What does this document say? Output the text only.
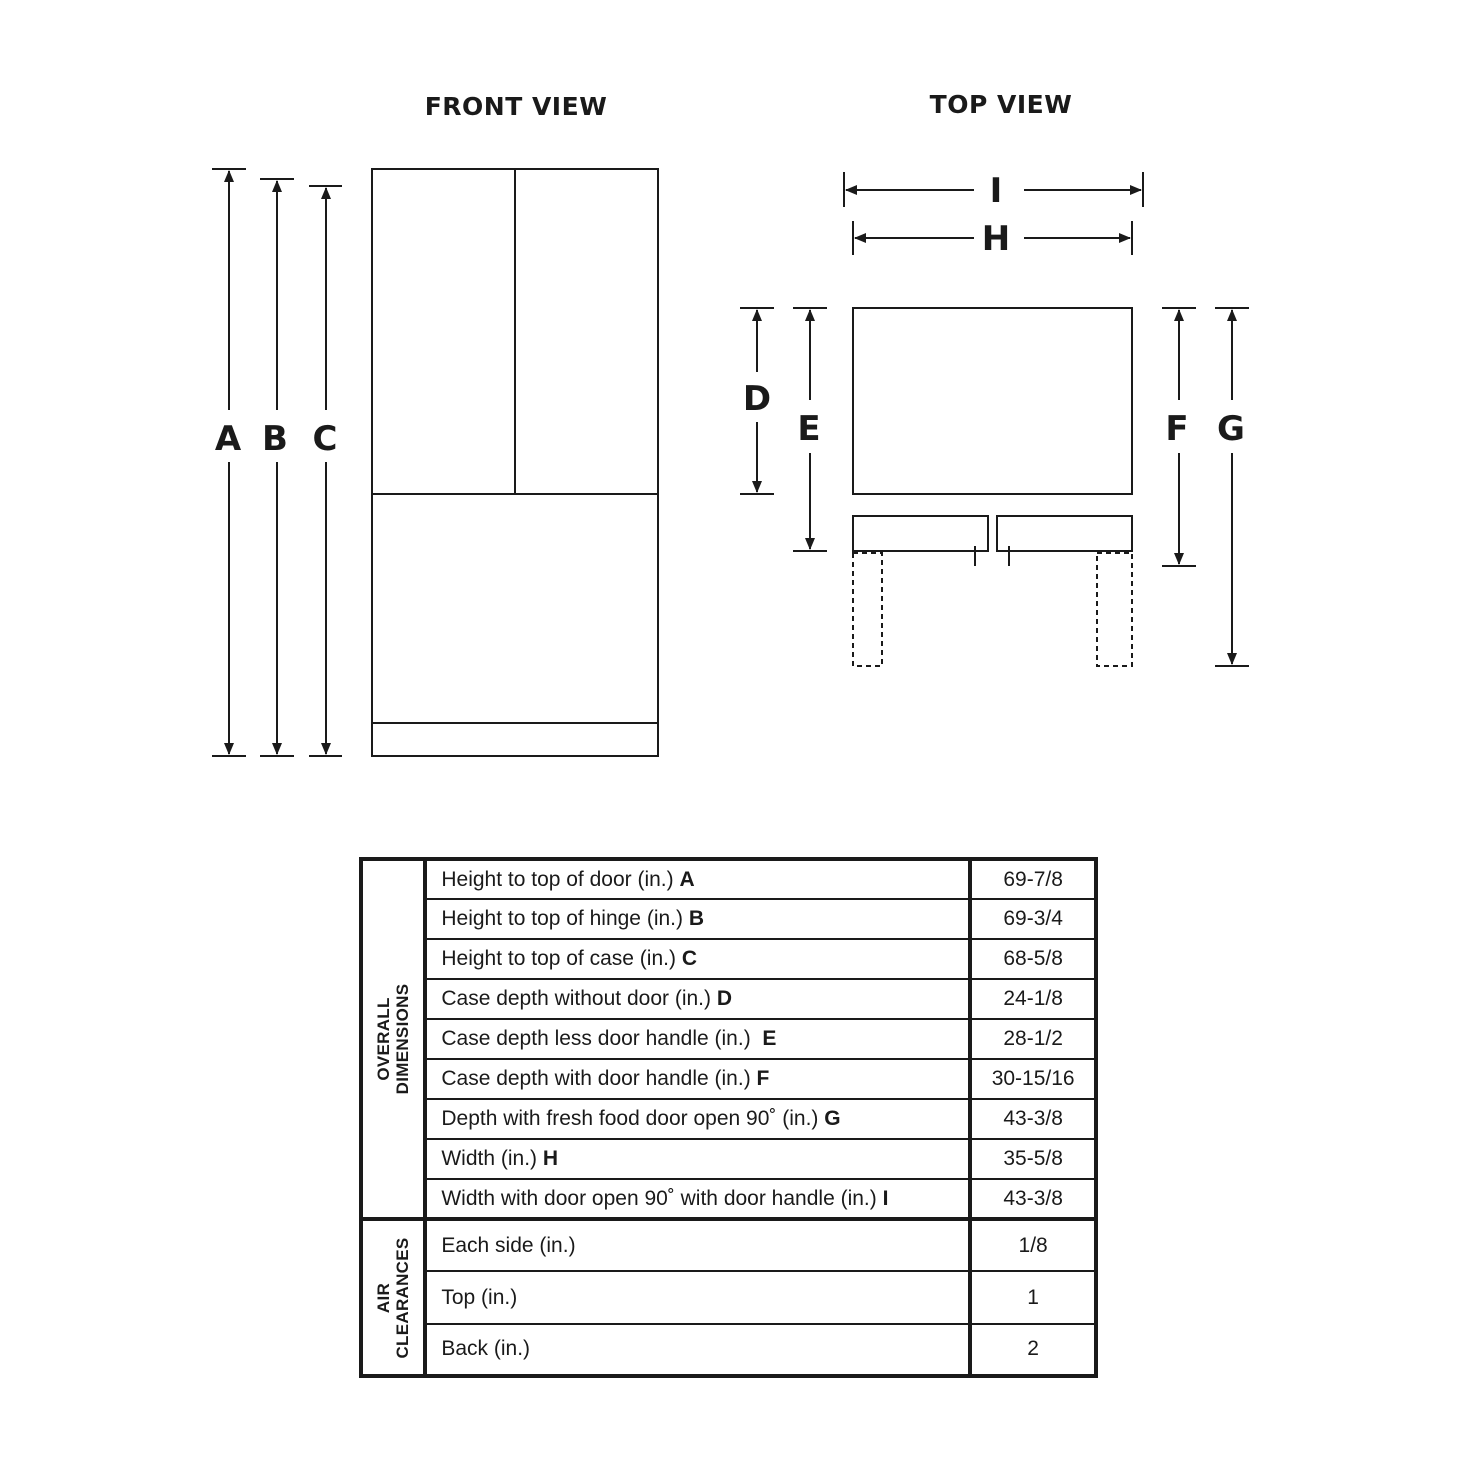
FRONT VIEW
A B C
TOP VIEW
I
H
D
E	F G
OVERALL DIMENSIONS	Height to top of door (in.) A	69-7/8
	Height to top of hinge (in.) B	69-3/4
	Height to top of case (in.) C	68-5/8
	Case depth without door (in.) D	24-1/8
	Case depth less door handle (in.) E	28-1/2
	Case depth with door handle (in.) F	30-15/16
	Depth with fresh food door open 90˚ (in.) G	43-3/8
	Width (in.) H	35-5/8
	Width with door open 90˚ with door handle (in.) I	43-3/8

AIR CLEARANCES	Each side (in.)	1/8
	Top (in.)	1
	Back (in.)	2
